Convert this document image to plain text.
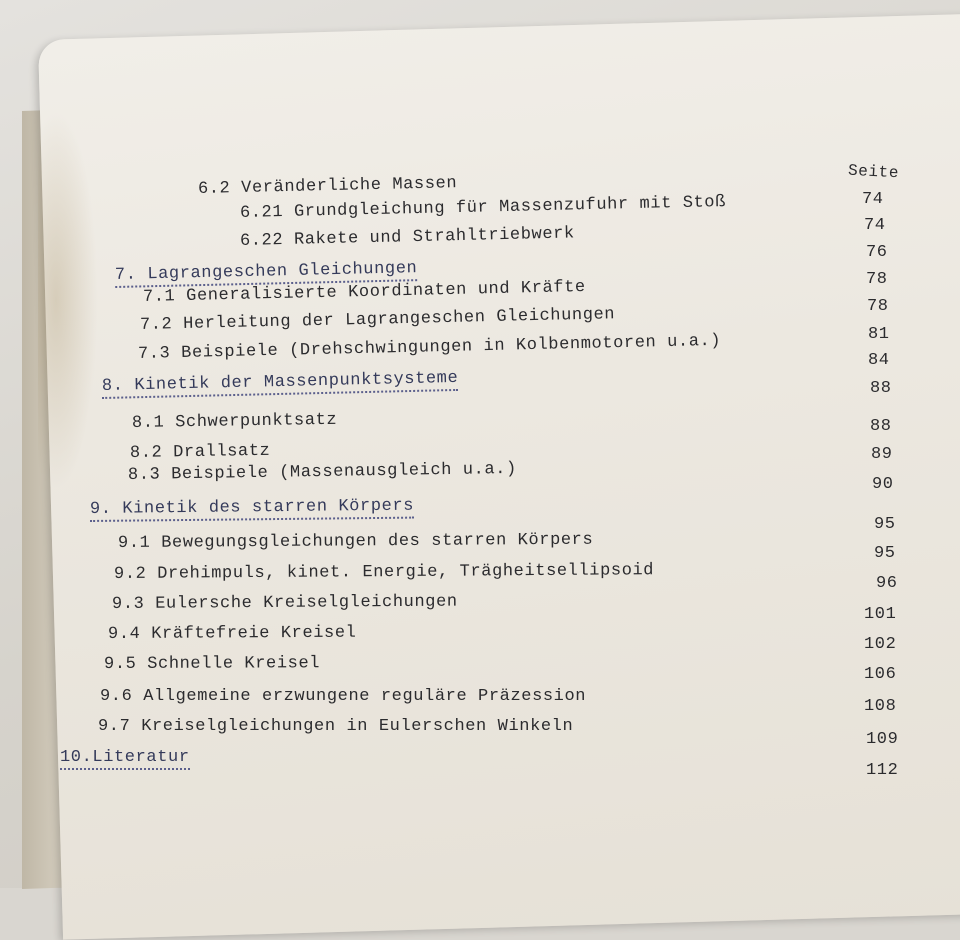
Seite
6.2 Veränderliche Massen
6.21 Grundgleichung für Massenzufuhr mit Stoß
6.22 Rakete und Strahltriebwerk
7. Lagrangeschen Gleichungen
7.1 Generalisierte Koordinaten und Kräfte
7.2 Herleitung der Lagrangeschen Gleichungen
7.3 Beispiele (Drehschwingungen in Kolbenmotoren u.a.)
8. Kinetik der Massenpunktsysteme
8.1 Schwerpunktsatz
8.2 Drallsatz
8.3 Beispiele (Massenausgleich u.a.)
9. Kinetik des starren Körpers
9.1 Bewegungsgleichungen des starren Körpers
9.2 Drehimpuls, kinet. Energie, Trägheitsellipsoid
9.3 Eulersche Kreiselgleichungen
9.4 Kräftefreie Kreisel
9.5 Schnelle Kreisel
9.6 Allgemeine erzwungene reguläre Präzession
9.7 Kreiselgleichungen in Eulerschen Winkeln
10.Literatur
74
74
76
78
78
81
84
88
88
89
90
95
95
96
101
102
106
108
109
112
